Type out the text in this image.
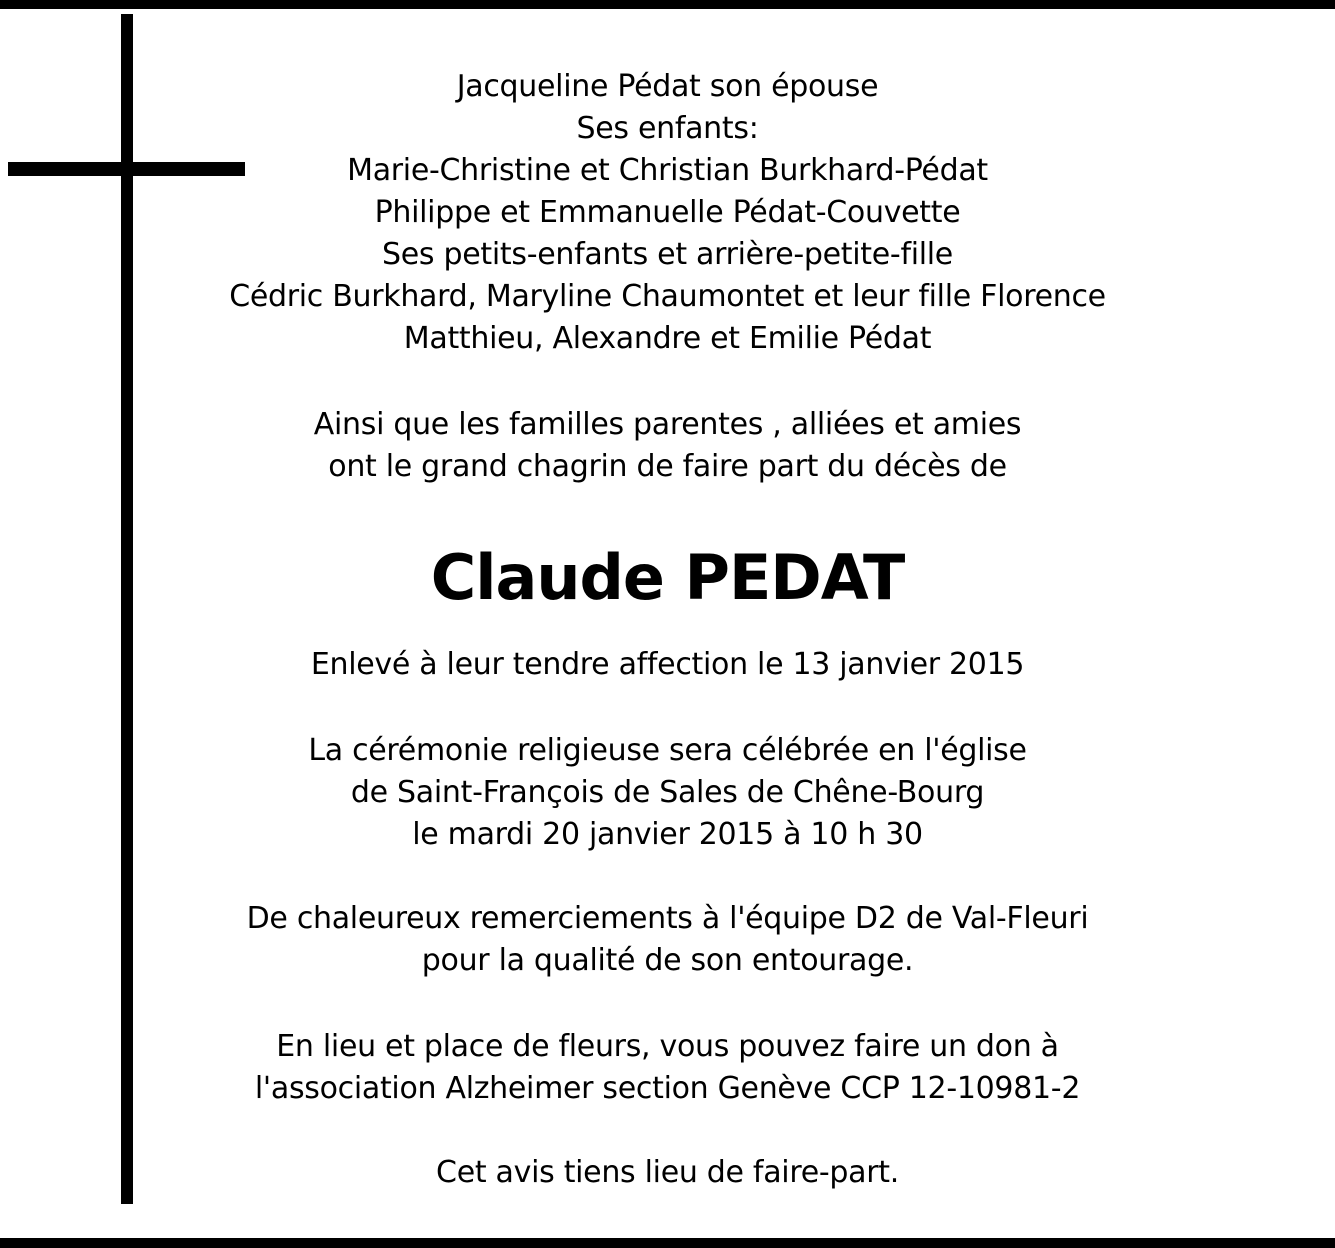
Jacqueline Pédat son épouse
Ses enfants:
Marie-Christine et Christian Burkhard-Pédat
Philippe et Emmanuelle Pédat-Couvette
Ses petits-enfants et arrière-petite-fille
Cédric Burkhard, Maryline Chaumontet et leur fille Florence
Matthieu, Alexandre et Emilie Pédat
Ainsi que les familles parentes , alliées et amies
ont le grand chagrin de faire part du décès de
Claude PEDAT
Enlevé à leur tendre affection le 13 janvier 2015
La cérémonie religieuse sera célébrée en l'église
de Saint-François de Sales de Chêne-Bourg
le mardi 20 janvier 2015 à 10 h 30
De chaleureux remerciements à l'équipe D2 de Val-Fleuri
pour la qualité de son entourage.
En lieu et place de fleurs, vous pouvez faire un don à
l'association Alzheimer section Genève CCP 12-10981-2
Cet avis tiens lieu de faire-part.
